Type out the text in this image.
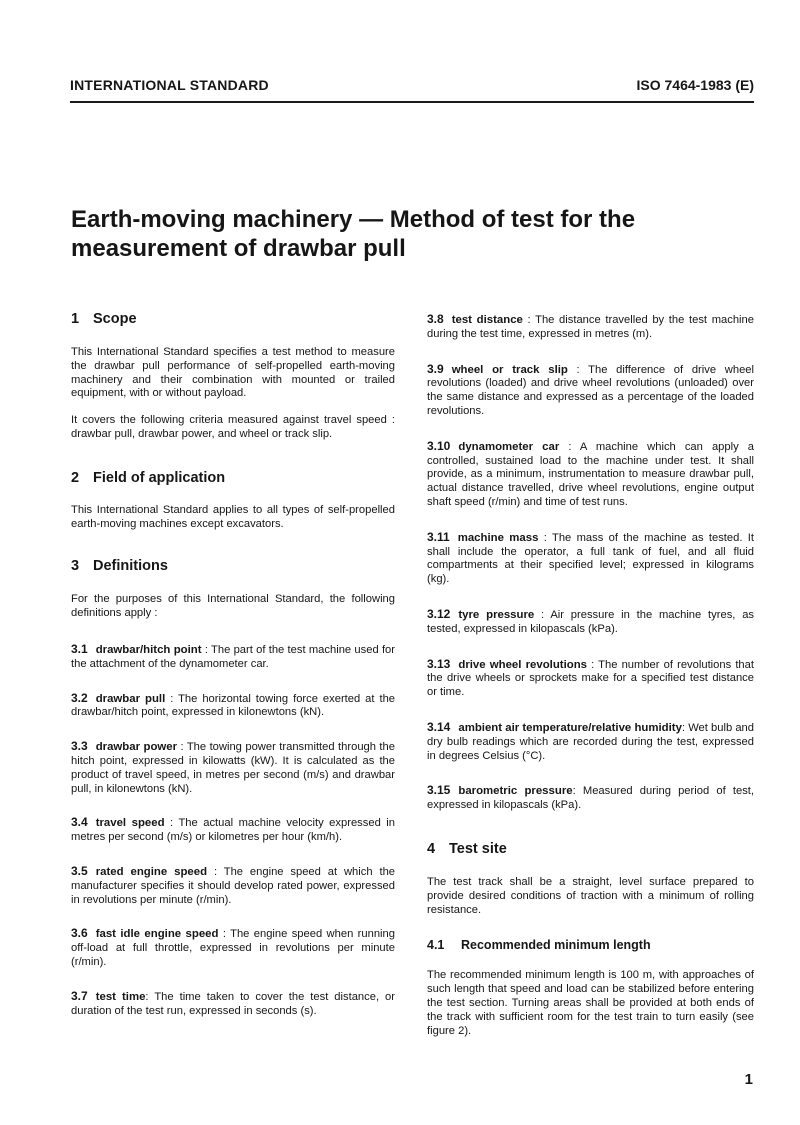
INTERNATIONAL STANDARD	ISO 7464-1983 (E)
Earth-moving machinery — Method of test for the measurement of drawbar pull
1 Scope

This International Standard specifies a test method to measure the drawbar pull performance of self-propelled earth-moving machinery and their combination with mounted or trailed equipment, with or without payload.

It covers the following criteria measured against travel speed : drawbar pull, drawbar power, and wheel or track slip.

2 Field of application

This International Standard applies to all types of self-propelled earth-moving machines except excavators.

3 Definitions

For the purposes of this International Standard, the following definitions apply :

3.1 drawbar/hitch point : The part of the test machine used for the attachment of the dynamometer car.
3.2 drawbar pull : The horizontal towing force exerted at the drawbar/hitch point, expressed in kilonewtons (kN).
3.3 drawbar power : The towing power transmitted through the hitch point, expressed in kilowatts (kW). It is calculated as the product of travel speed, in metres per second (m/s) and drawbar pull, in kilonewtons (kN).
3.4 travel speed : The actual machine velocity expressed in metres per second (m/s) or kilometres per hour (km/h).
3.5 rated engine speed : The engine speed at which the manufacturer specifies it should develop rated power, expressed in revolutions per minute (r/min).
3.6 fast idle engine speed : The engine speed when running off-load at full throttle, expressed in revolutions per minute (r/min).
3.7 test time: The time taken to cover the test distance, or duration of the test run, expressed in seconds (s).
3.8 test distance : The distance travelled by the test machine during the test time, expressed in metres (m).
3.9 wheel or track slip : The difference of drive wheel revolutions (loaded) and drive wheel revolutions (unloaded) over the same distance and expressed as a percentage of the loaded revolutions.
3.10 dynamometer car : A machine which can apply a controlled, sustained load to the machine under test. It shall provide, as a minimum, instrumentation to measure drawbar pull, actual distance travelled, drive wheel revolutions, engine output shaft speed (r/min) and time of test runs.
3.11 machine mass : The mass of the machine as tested. It shall include the operator, a full tank of fuel, and all fluid compartments at their specified level; expressed in kilograms (kg).
3.12 tyre pressure : Air pressure in the machine tyres, as tested, expressed in kilopascals (kPa).
3.13 drive wheel revolutions : The number of revolutions that the drive wheels or sprockets make for a specified test distance or time.
3.14 ambient air temperature/relative humidity: Wet bulb and dry bulb readings which are recorded during the test, expressed in degrees Celsius (°C).
3.15 barometric pressure: Measured during period of test, expressed in kilopascals (kPa).
4 Test site

The test track shall be a straight, level surface prepared to provide desired conditions of traction with a minimum of rolling resistance.

4.1 Recommended minimum length

The recommended minimum length is 100 m, with approaches of such length that speed and load can be stabilized before entering the test section. Turning areas shall be provided at both ends of the track with sufficient room for the test train to turn easily (see figure 2).

1
